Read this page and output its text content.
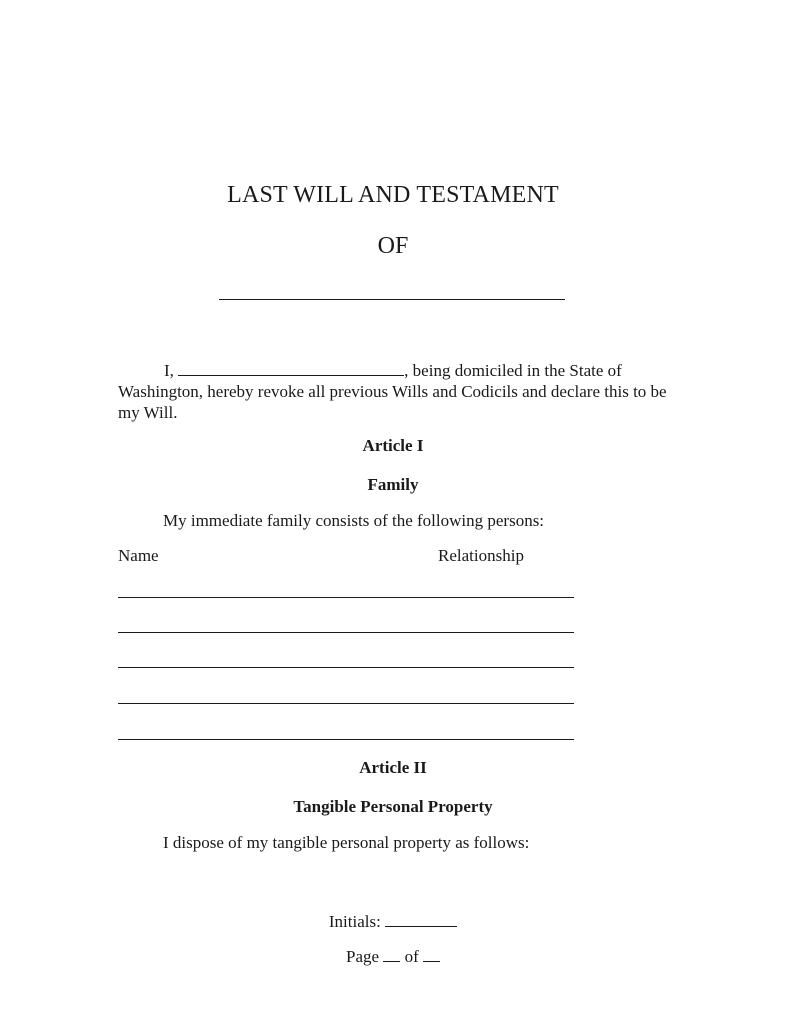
LAST WILL AND TESTAMENT

OF

I,	, being domiciled in the State of Washington, hereby revoke all previous Wills and Codicils and declare this to be my Will.

Article I

Family

My immediate family consists of the following persons:

Name	Relationship

Article II

Tangible Personal Property

I dispose of my tangible personal property as follows:

Initials:

Page of
